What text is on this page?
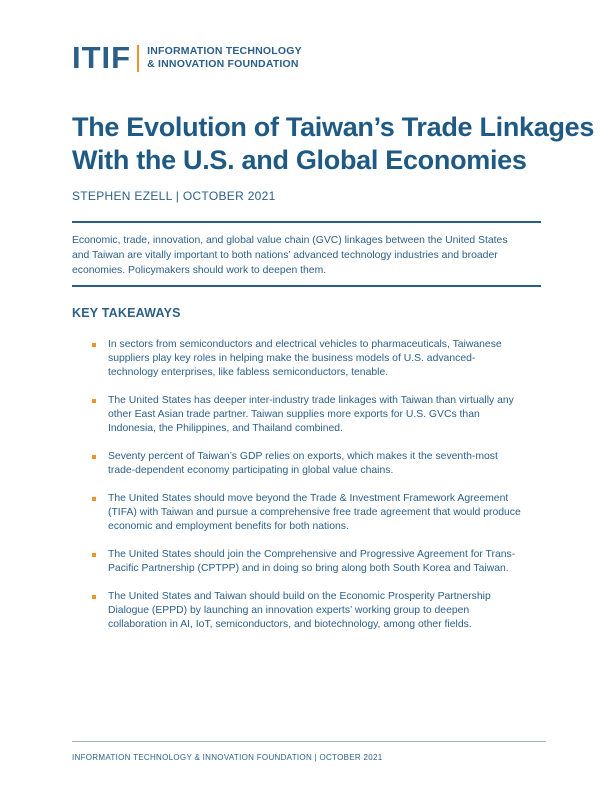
ITIF INFORMATION TECHNOLOGY
& INNOVATION FOUNDATION
The Evolution of Taiwan’s Trade Linkages
With the U.S. and Global Economies
STEPHEN EZELL | OCTOBER 2021
Economic, trade, innovation, and global value chain (GVC) linkages between the United States
and Taiwan are vitally important to both nations’ advanced technology industries and broader
economies. Policymakers should work to deepen them.
KEY TAKEAWAYS
In sectors from semiconductors and electrical vehicles to pharmaceuticals, Taiwanese
suppliers play key roles in helping make the business models of U.S. advanced-
technology enterprises, like fabless semiconductors, tenable.
The United States has deeper inter-industry trade linkages with Taiwan than virtually any
other East Asian trade partner. Taiwan supplies more exports for U.S. GVCs than
Indonesia, the Philippines, and Thailand combined.
Seventy percent of Taiwan’s GDP relies on exports, which makes it the seventh-most
trade-dependent economy participating in global value chains.
The United States should move beyond the Trade & Investment Framework Agreement
(TIFA) with Taiwan and pursue a comprehensive free trade agreement that would produce
economic and employment benefits for both nations.
The United States should join the Comprehensive and Progressive Agreement for Trans-
Pacific Partnership (CPTPP) and in doing so bring along both South Korea and Taiwan.
The United States and Taiwan should build on the Economic Prosperity Partnership
Dialogue (EPPD) by launching an innovation experts’ working group to deepen
collaboration in AI, IoT, semiconductors, and biotechnology, among other fields.
INFORMATION TECHNOLOGY & INNOVATION FOUNDATION | OCTOBER 2021
